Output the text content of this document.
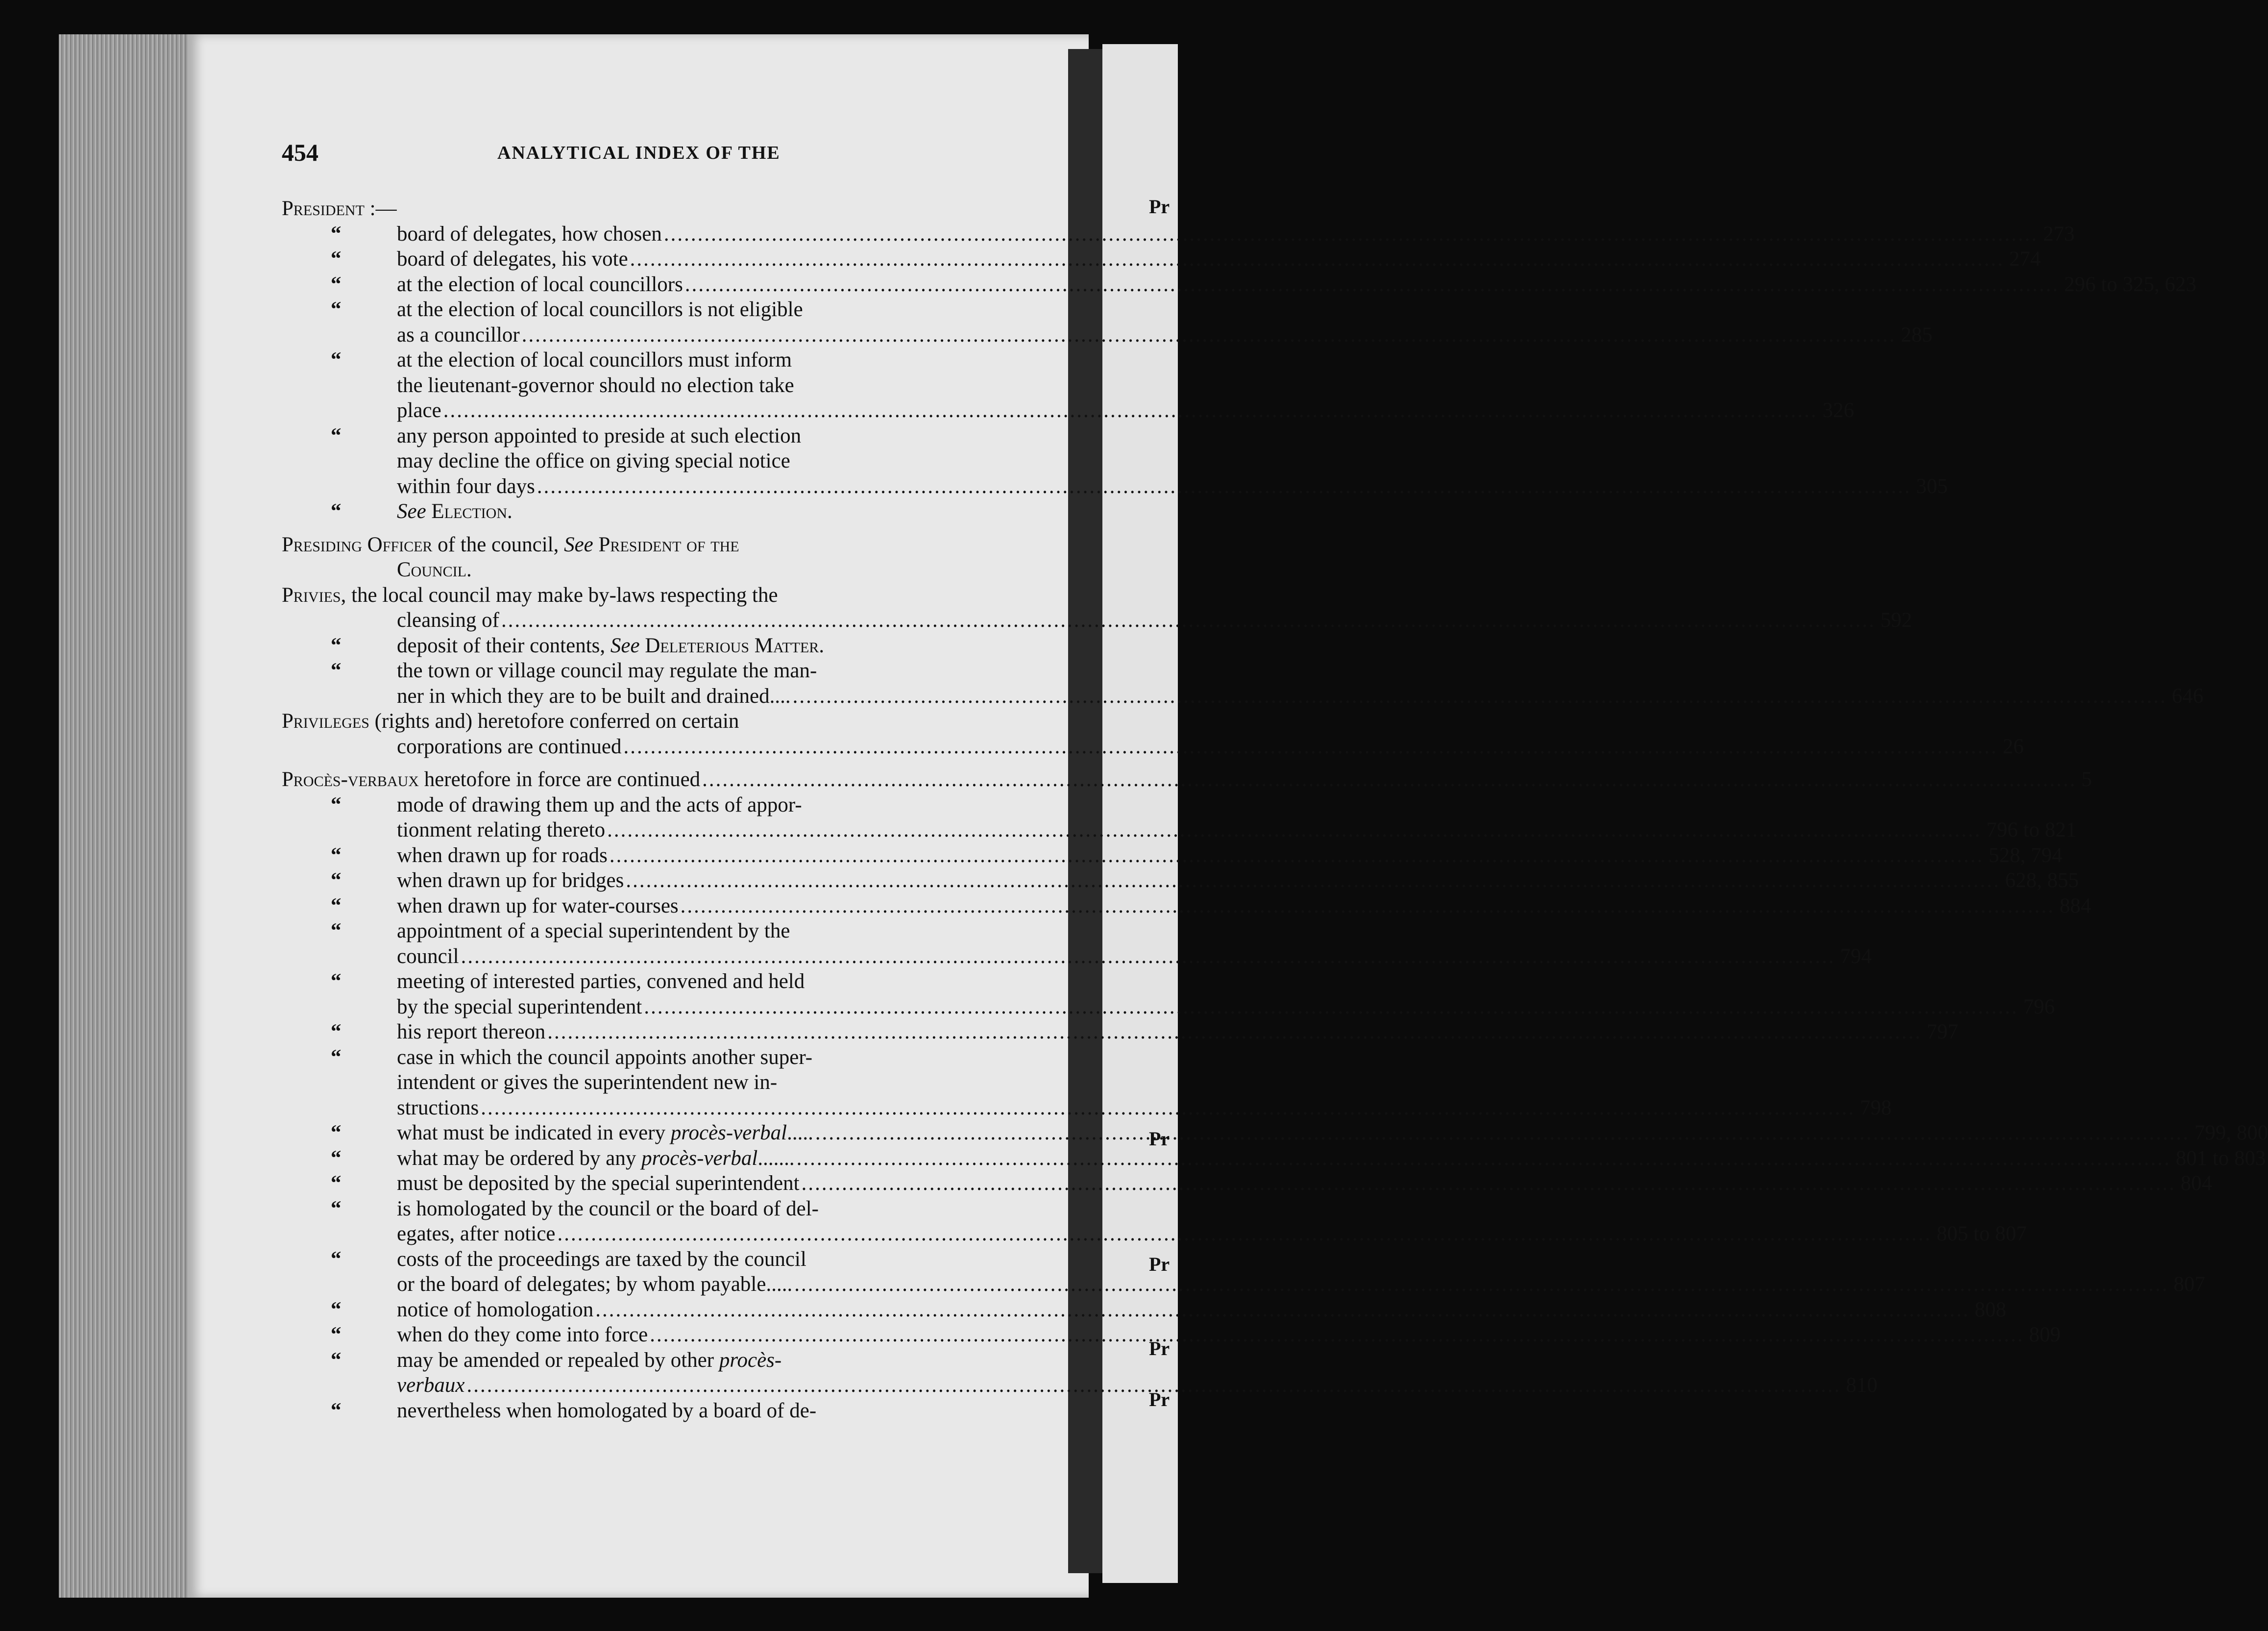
Pr
Pr
Pr
Pr
Pr
454	ANALYTICAL INDEX OF THE
President :—
“	board of delegates, how chosen .....	273
“	board of delegates, his vote .....	274
“	at the election of local councillors .....	296 to 325, 623
“	at the election of local councillors is not eligible
as a councillor .....	285
“	at the election of local councillors must inform
the lieutenant-governor should no election take
place .....	326
“	any person appointed to preside at such election
may decline the office on giving special notice
within four days .....	305
“	See Election.
Presiding Officer of the council, See President of the
Council.
Privies, the local council may make by-laws respecting the
cleansing of .....	592
“	deposit of their contents, See Deleterious Matter.
“	the town or village council may regulate the man-
ner in which they are to be built and drained.... .....	646
Privileges (rights and) heretofore conferred on certain
corporations are continued .....	26
Procès-verbaux heretofore in force are continued .....	5
“	mode of drawing them up and the acts of appor-
tionment relating thereto .....	796 to 821
“	when drawn up for roads .....	528, 794
“	when drawn up for bridges .....	628, 855
“	when drawn up for water-courses .....	884
“	appointment of a special superintendent by the
council .....	794
“	meeting of interested parties, convened and held
by the special superintendent .....	796
“	his report thereon .....	797
“	case in which the council appoints another super-
intendent or gives the superintendent new in-
structions .....	798
“	what must be indicated in every procès-verbal..... .....	799, 800
“	what may be ordered by any procès-verbal....... .....	801 to 803
“	must be deposited by the special superintendent .....	804
“	is homologated by the council or the board of del-
egates, after notice .....	805 to 807
“	costs of the proceedings are taxed by the council
or the board of delegates; by whom payable..... .....	807
“	notice of homologation .....	808
“	when do they come into force .....	809
“	may be amended or repealed by other procès-
verbaux .....	810
“	nevertheless when homologated by a board of de-
